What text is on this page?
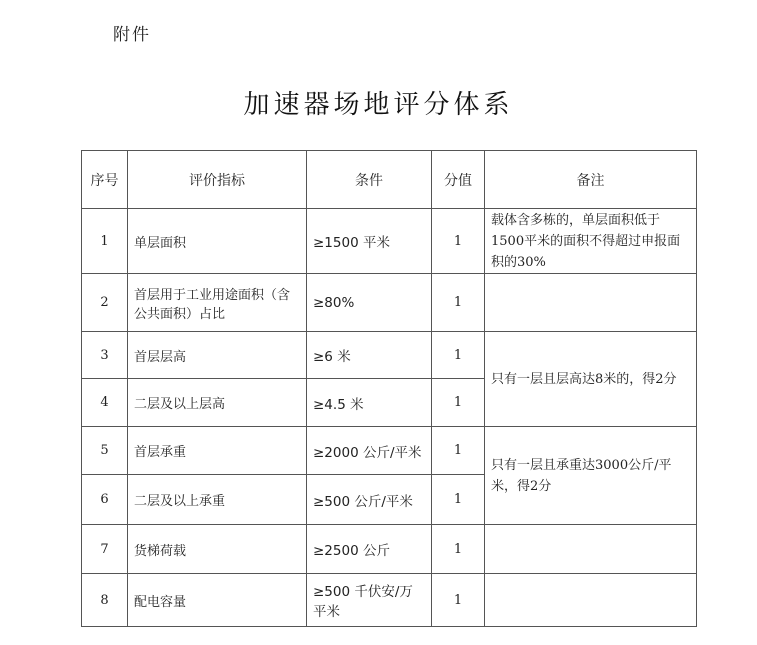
附件
加速器场地评分体系
序号	评价指标	条件	分值	备注
1	单层面积	≥1500 平米	1	载体含多栋的，单层面积低于1500平米的面积不得超过申报面积的30%
2	首层用于工业用途面积（含公共面积）占比	≥80%	1	
3	首层层高	≥6 米	1	只有一层且层高达8米的，得2分
4	二层及以上层高	≥4.5 米	1	
5	首层承重	≥2000 公斤/平米	1	只有一层且承重达3000公斤/平米，得2分
6	二层及以上承重	≥500 公斤/平米	1	
7	货梯荷载	≥2500 公斤	1	
8	配电容量	≥500 千伏安/万平米	1	
